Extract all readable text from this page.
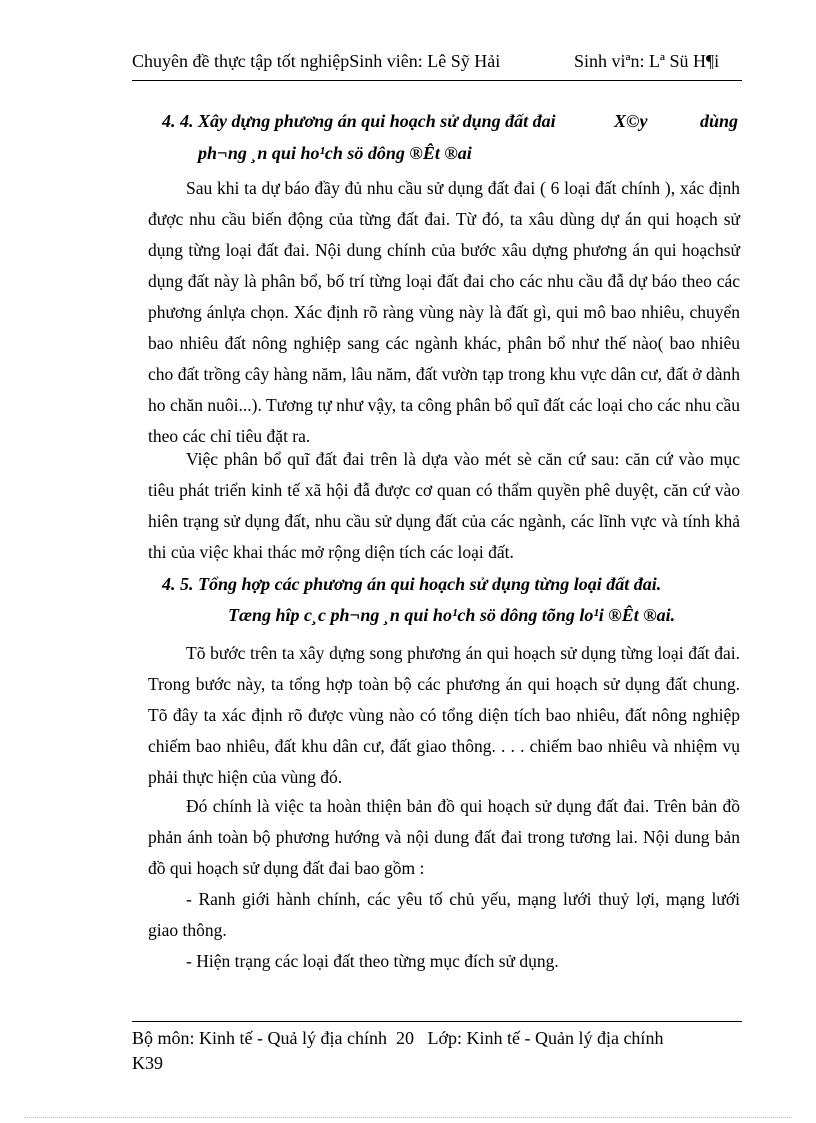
Chuyên đề thực tập tốt nghiệpSinh viên: Lê Sỹ Hải	Sinh viªn: Lª Sü H¶i
4. 4. Xây dựng phương án qui hoạch sử dụng đất đai	X©y	dùng
ph¬ng ¸n qui ho¹ch sö dông ®Êt ®ai
Sau khi ta dự báo đầy đủ nhu cầu sử dụng đất đai ( 6 loại đất chính ), xác định được nhu cầu biến động của từng đất đai. Từ đó, ta xâu dùng dự án qui hoạch sử dụng từng loại đất đai. Nội dung chính của bước xâu dựng phương án qui hoạchsử dụng đất này là phân bổ, bố trí từng loại đất đai cho các nhu cầu đẫ dự báo theo các phương ánlựa chọn. Xác định rõ ràng vùng này là đất gì, qui mô bao nhiêu, chuyển bao nhiêu đất nông nghiệp sang các ngành khác, phân bổ như thế nào( bao nhiêu cho đất trồng cây hàng năm, lâu năm, đất vườn tạp trong khu vực dân cư, đất ở dành ho chăn nuôi...). Tương tự như vậy, ta công phân bổ quĩ đất các loại cho các nhu cầu theo các chỉ tiêu đặt ra.
Việc phân bổ quĩ đất đai trên là dựa vào mét sè căn cứ sau: căn cứ vào mục tiêu phát triển kinh tế xã hội đẫ được cơ quan có thẩm quyền phê duyệt, căn cứ vào hiên trạng sử dụng đất, nhu cầu sử dụng đất của các ngành, các lĩnh vực và tính khả thi của việc khai thác mở rộng diện tích các loại đất.
4. 5. Tổng hợp các phương án qui hoạch sử dụng từng loại đất đai.
Tæng hîp c¸c ph¬ng ¸n qui ho¹ch sö dông tõng lo¹i ®Êt ®ai.
Tõ bước trên ta xây dựng song phương án qui hoạch sử dụng từng loại đất đai. Trong bước này, ta tổng hợp toàn bộ các phương án qui hoạch sử dụng đất chung. Tõ đây ta xác định rõ được vùng nào có tổng diện tích bao nhiêu, đất nông nghiệp chiếm bao nhiêu, đất khu dân cư, đất giao thông. . . . chiếm bao nhiêu và nhiệm vụ phải thực hiện của vùng đó.
Đó chính là việc ta hoàn thiện bản đồ qui hoạch sử dụng đất đai. Trên bản đồ phản ánh toàn bộ phương hướng và nội dung đất đai trong tương lai. Nội dung bản đồ qui hoạch sử dụng đất đai bao gồm :
- Ranh giới hành chính, các yêu tố chủ yếu, mạng lưới thuỷ lợi, mạng lưới giao thông.
- Hiện trạng các loại đất theo từng mục đích sử dụng.
Bộ môn: Kinh tế - Quả lý địa chính 20 Lớp: Kinh tế - Quản lý địa chính
K39
